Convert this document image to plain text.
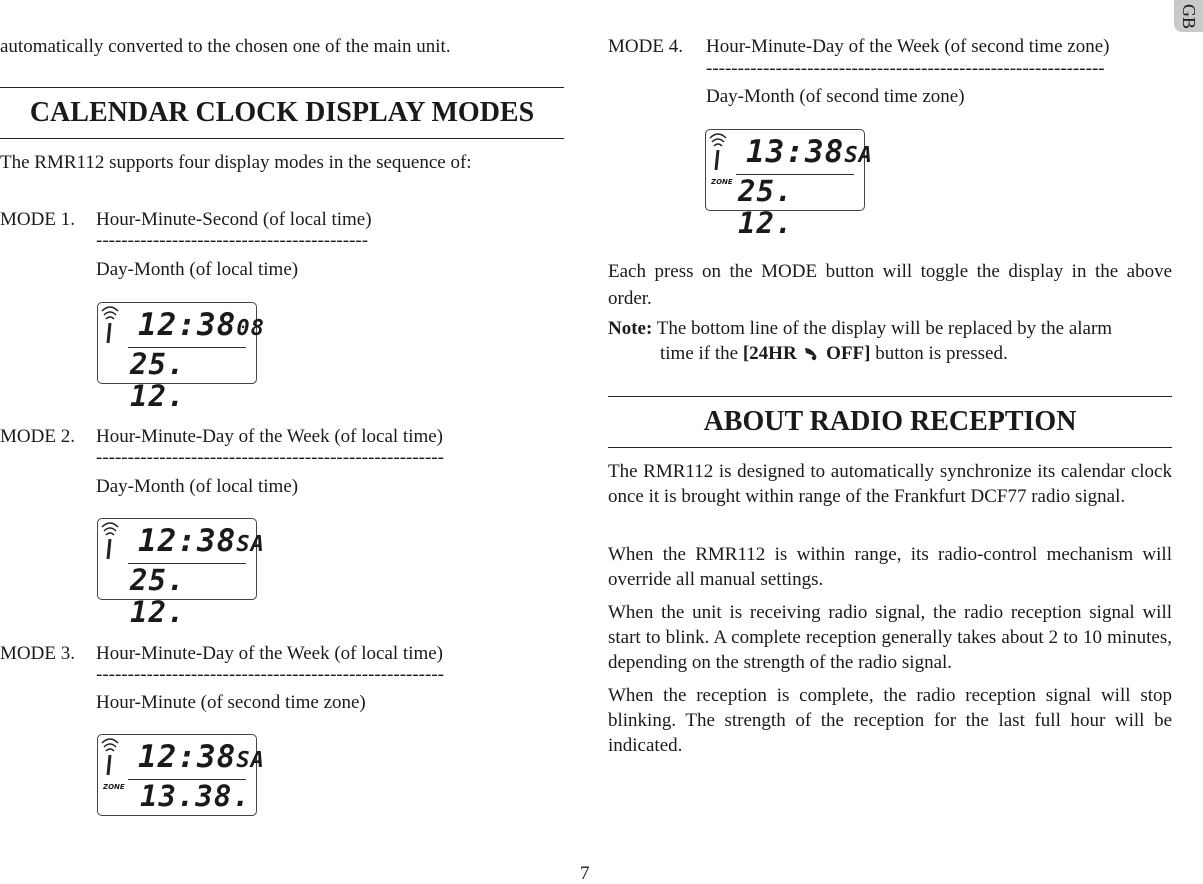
GB
automatically converted to the chosen one of the main unit.
CALENDAR CLOCK DISPLAY MODES
The RMR112 supports four display modes in the sequence of:
MODE 1. Hour-Minute-Second (of local time)
-------------------------------------------
Day-Month (of local time)
12:3808
25. 12.
MODE 2. Hour-Minute-Day of the Week (of local time)
-------------------------------------------------------
Day-Month (of local time)
12:38SA
25. 12.
MODE 3. Hour-Minute-Day of the Week (of local time)
-------------------------------------------------------
Hour-Minute (of second time zone)
12:38SA
ZONE 13.38.
MODE 4. Hour-Minute-Day of the Week (of second time zone)
---------------------------------------------------------------
Day-Month (of second time zone)
13:38SA
ZONE 25. 12.
Each press on the MODE button will toggle the display in the above order.
Note: The bottom line of the display will be replaced by the alarm
time if the [24HR OFF] button is pressed.
ABOUT RADIO RECEPTION
The RMR112 is designed to automatically synchronize its calendar clock once it is brought within range of the Frankfurt DCF77 radio signal.
When the RMR112 is within range, its radio-control mechanism will override all manual settings.
When the unit is receiving radio signal, the radio reception signal will start to blink. A complete reception generally takes about 2 to 10 minutes, depending on the strength of the radio signal.
When the reception is complete, the radio reception signal will stop blinking. The strength of the reception for the last full hour will be indicated.
7
